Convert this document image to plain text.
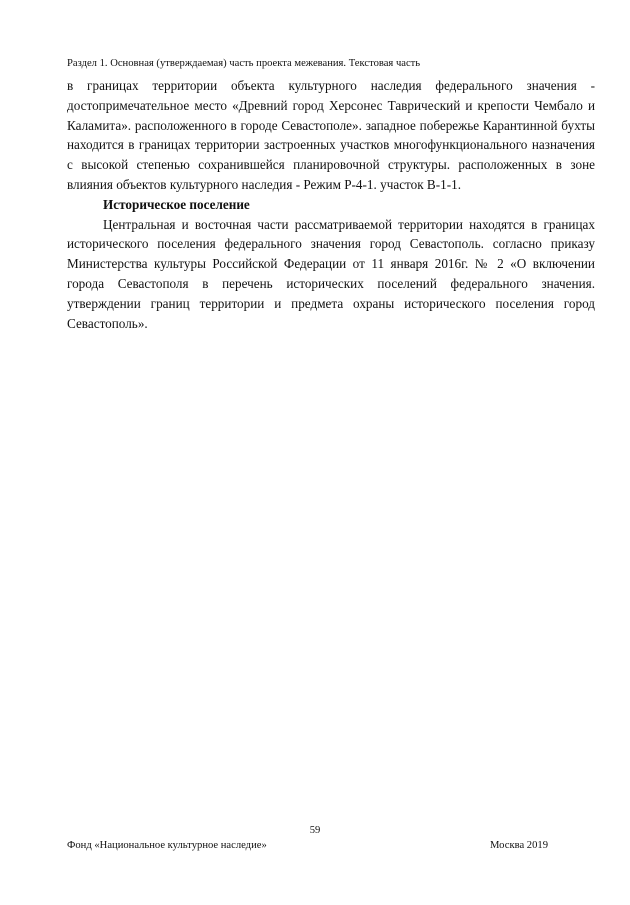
Раздел 1. Основная (утверждаемая) часть проекта межевания. Текстовая часть

в границах территории объекта культурного наследия федерального значения - достопримечательное место «Древний город Херсонес Таврический и крепости Чембало и Каламита». расположенного в городе Севастополе». западное побережье Карантинной бухты находится в границах территории застроенных участков многофункционального назначения с высокой степенью сохранившейся планировочной структуры. расположенных в зоне влияния объектов культурного наследия - Режим Р-4-1. участок В-1-1.

Историческое поселение

Центральная и восточная части рассматриваемой территории находятся в границах исторического поселения федерального значения город Севастополь. согласно приказу Министерства культуры Российской Федерации от 11 января 2016г. № 2 «О включении города Севастополя в перечень исторических поселений федерального значения. утверждении границ территории и предмета охраны исторического поселения город Севастополь».

59
Фонд «Национальное культурное наследие»	Москва 2019
